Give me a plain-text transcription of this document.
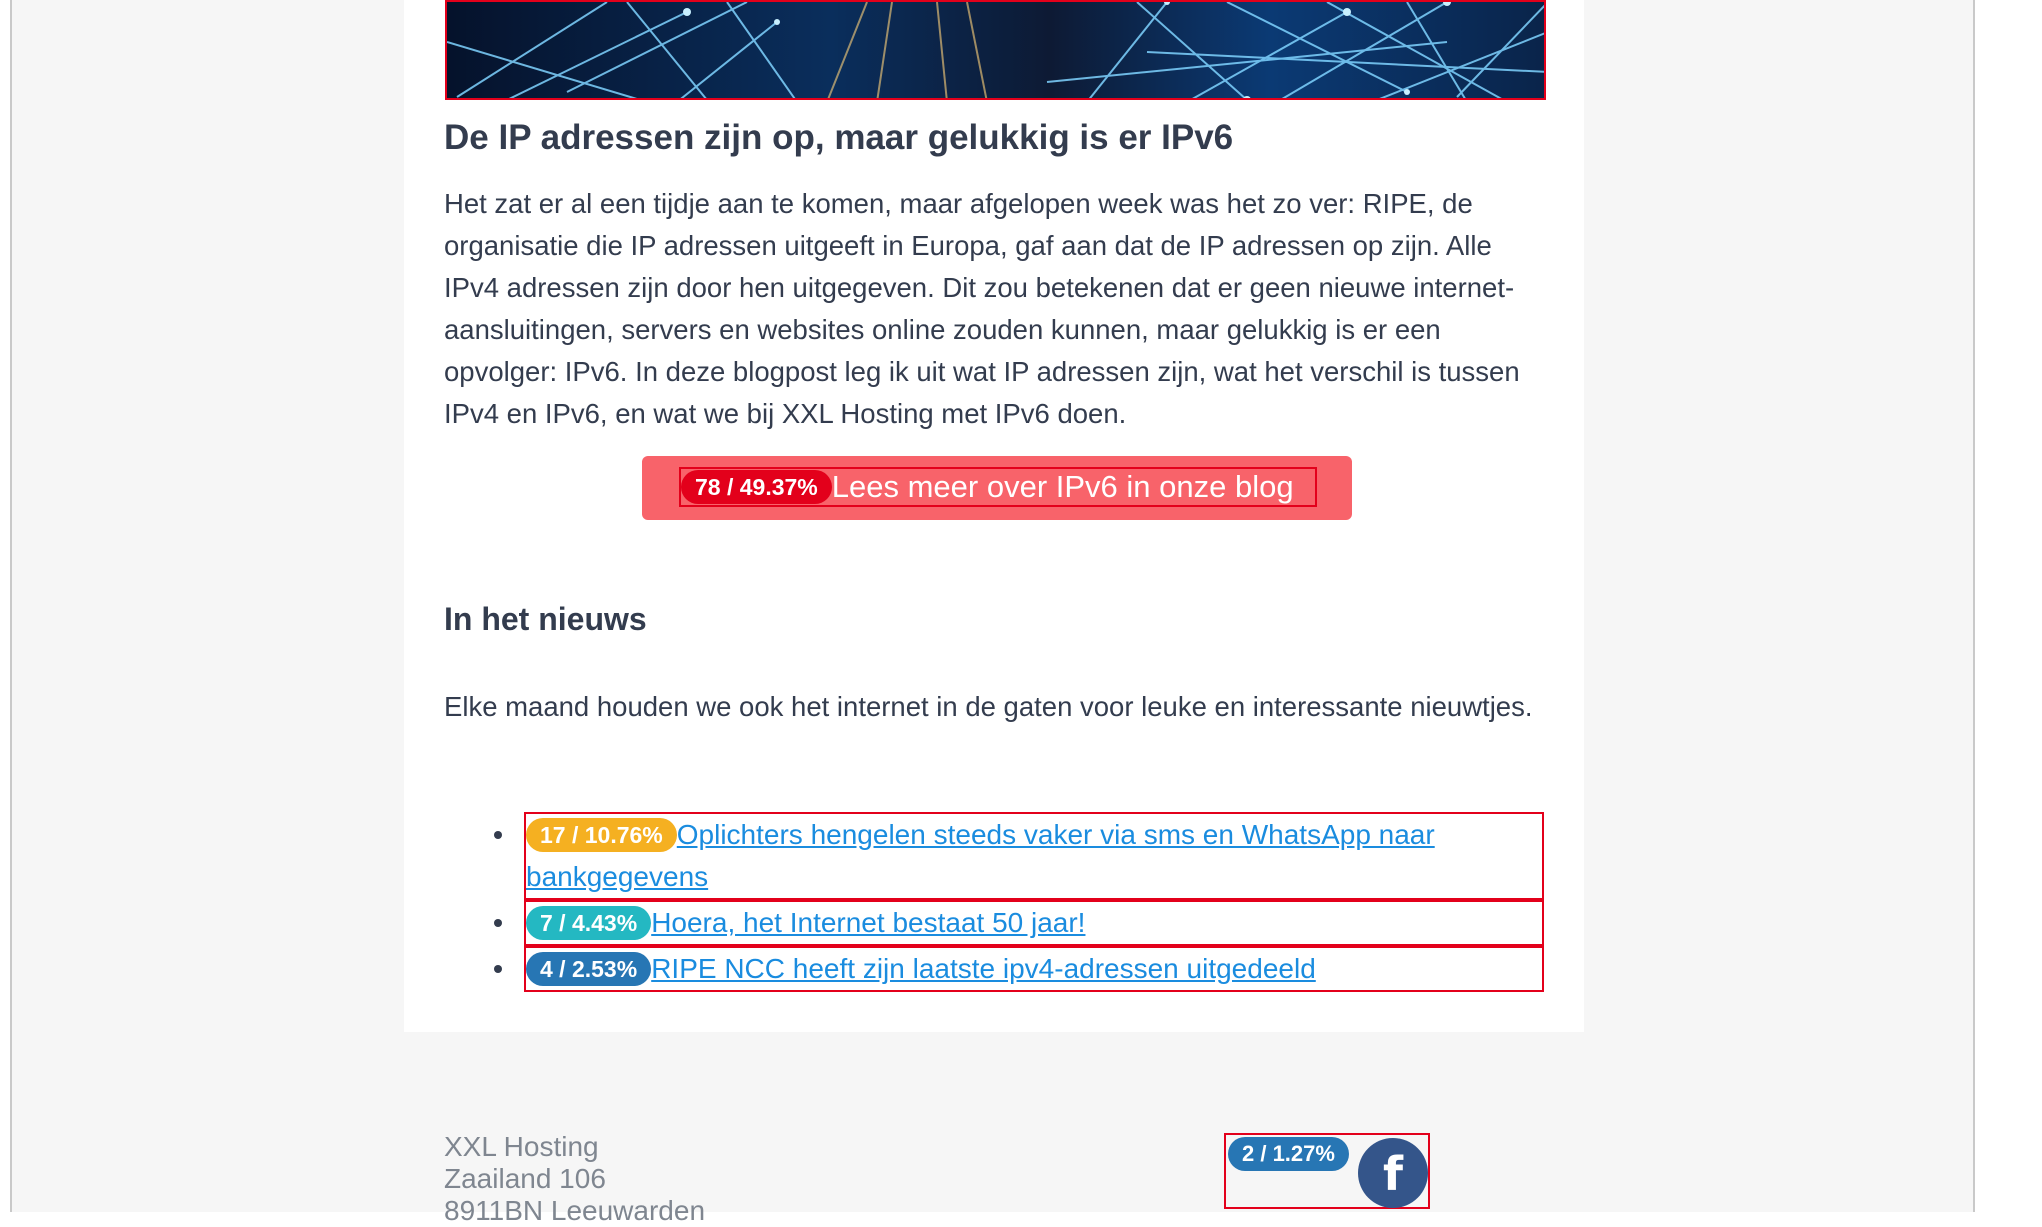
De IP adressen zijn op, maar gelukkig is er IPv6

Het zat er al een tijdje aan te komen, maar afgelopen week was het zo ver: RIPE, de organisatie die IP adressen uitgeeft in Europa, gaf aan dat de IP adressen op zijn. Alle IPv4 adressen zijn door hen uitgegeven. Dit zou betekenen dat er geen nieuwe internet-aansluitingen, servers en websites online zouden kunnen, maar gelukkig is er een opvolger: IPv6. In deze blogpost leg ik uit wat IP adressen zijn, wat het verschil is tussen IPv4 en IPv6, en wat we bij XXL Hosting met IPv6 doen.

78 / 49.37% Lees meer over IPv6 in onze blog
In het nieuws

Elke maand houden we ook het internet in de gaten voor leuke en interessante nieuwtjes.

17 / 10.76% Oplichters hengelen steeds vaker via sms en WhatsApp naar
bankgegevens
7 / 4.43% Hoera, het Internet bestaat 50 jaar!
4 / 2.53% RIPE NCC heeft zijn laatste ipv4-adressen uitgedeeld

XXL Hosting

Zaailand 106

8911BN Leeuwarden

2 / 1.27%	f
